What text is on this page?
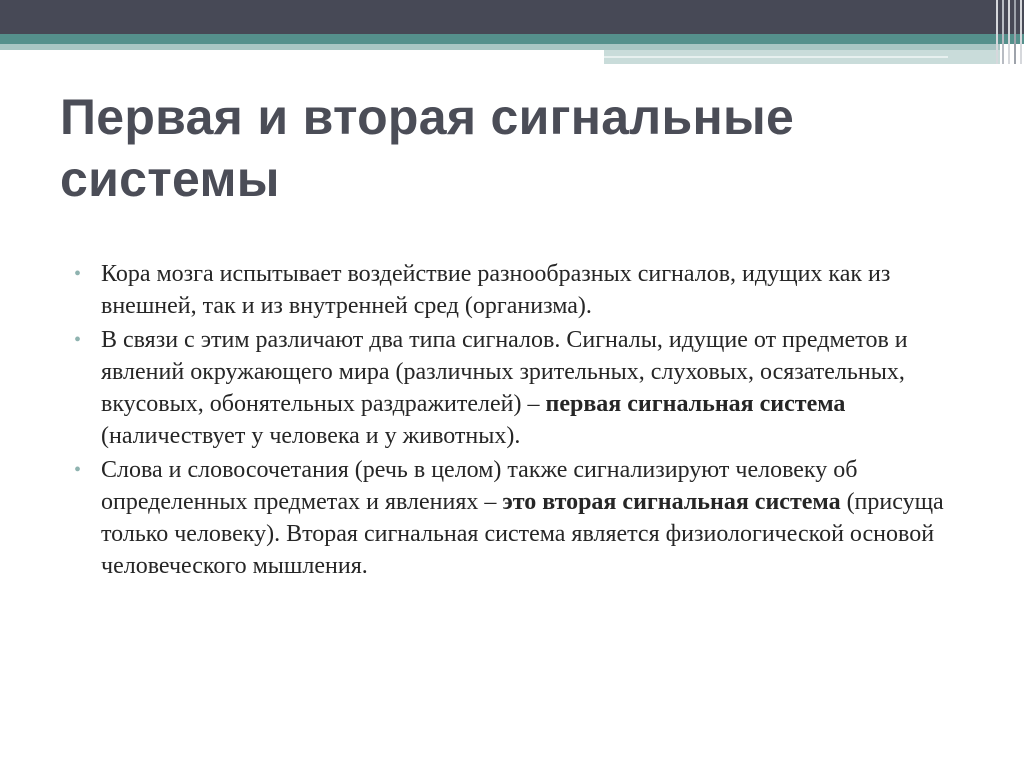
Первая и вторая сигнальные
системы
• Кора мозга испытывает воздействие разнообразных сигналов, идущих как из внешней, так и из внутренней сред (организма).
• В связи с этим различают два типа сигналов. Сигналы, идущие от предметов и явлений окружающего мира (различных зрительных, слуховых, осязательных, вкусовых, обонятельных раздражителей) – первая сигнальная система (наличествует у человека и у животных).
• Слова и словосочетания (речь в целом) также сигнализируют человеку об определенных предметах и явлениях – это вторая сигнальная система (присуща только человеку). Вторая сигнальная система является физиологической основой человеческого мышления.
